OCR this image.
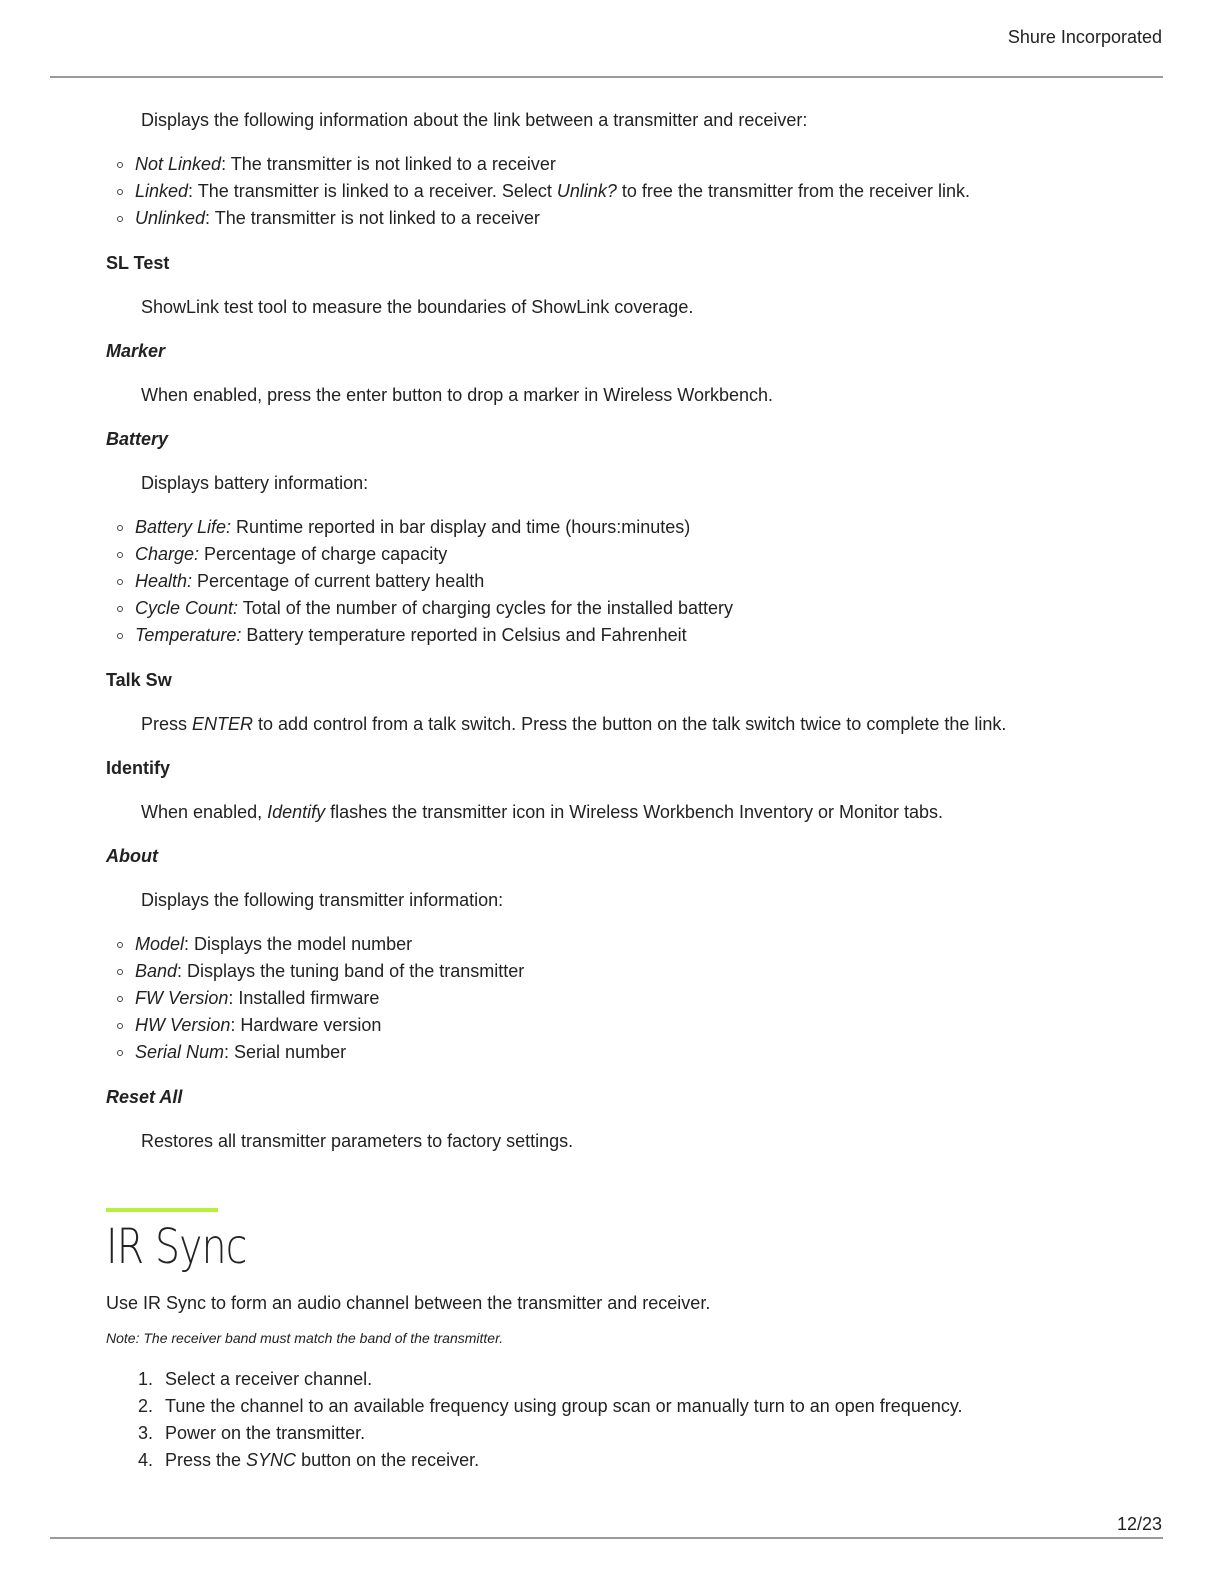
Shure Incorporated

Displays the following information about the link between a transmitter and receiver:

Not Linked: The transmitter is not linked to a receiver
Linked: The transmitter is linked to a receiver. Select Unlink? to free the transmitter from the receiver link.
Unlinked: The transmitter is not linked to a receiver
SL Test

ShowLink test tool to measure the boundaries of ShowLink coverage.

Marker

When enabled, press the enter button to drop a marker in Wireless Workbench.

Battery

Displays battery information:

Battery Life: Runtime reported in bar display and time (hours:minutes)
Charge: Percentage of charge capacity
Health: Percentage of current battery health
Cycle Count: Total of the number of charging cycles for the installed battery
Temperature: Battery temperature reported in Celsius and Fahrenheit
Talk Sw

Press ENTER to add control from a talk switch. Press the button on the talk switch twice to complete the link.

Identify

When enabled, Identify flashes the transmitter icon in Wireless Workbench Inventory or Monitor tabs.

About

Displays the following transmitter information:

Model: Displays the model number
Band: Displays the tuning band of the transmitter
FW Version: Installed firmware
HW Version: Hardware version
Serial Num: Serial number
Reset All

Restores all transmitter parameters to factory settings.

IR Sync

Use IR Sync to form an audio channel between the transmitter and receiver.

Note: The receiver band must match the band of the transmitter.

1. Select a receiver channel.
2. Tune the channel to an available frequency using group scan or manually turn to an open frequency.
3. Power on the transmitter.
4. Press the SYNC button on the receiver.
12/23
